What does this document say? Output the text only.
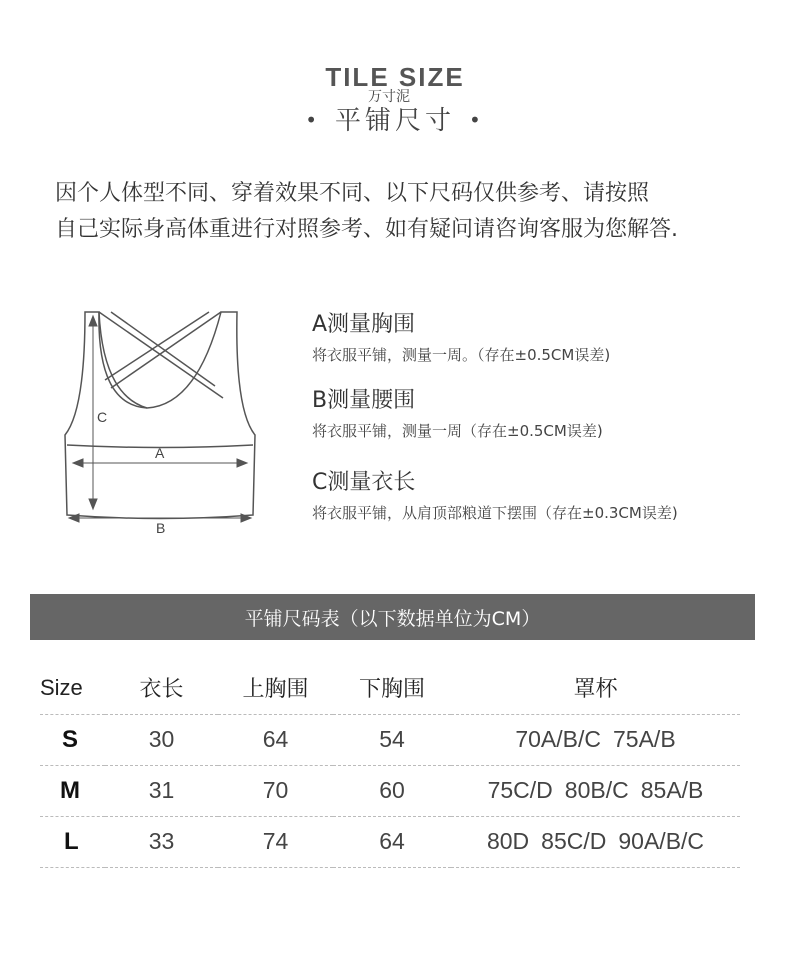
TILE SIZE
万寸泥
• 平铺尺寸 •
因个人体型不同、穿着效果不同、以下尺码仅供参考、请按照
自己实际身高体重进行对照参考、如有疑问请咨询客服为您解答.
C
A
B
A测量胸围
将衣服平铺，测量一周。（存在±0.5CM误差)
B测量腰围
将衣服平铺，测量一周（存在±0.5CM误差)
C测量衣长
将衣服平铺，从肩顶部粮道下摆围（存在±0.3CM误差)
平铺尺码表（以下数据单位为CM）
Size	衣长	上胸围	下胸围	罩杯
S	30	64	54	70A/B/C 75A/B
M	31	70	60	75C/D 80B/C 85A/B
L	33	74	64	80D 85C/D 90A/B/C
